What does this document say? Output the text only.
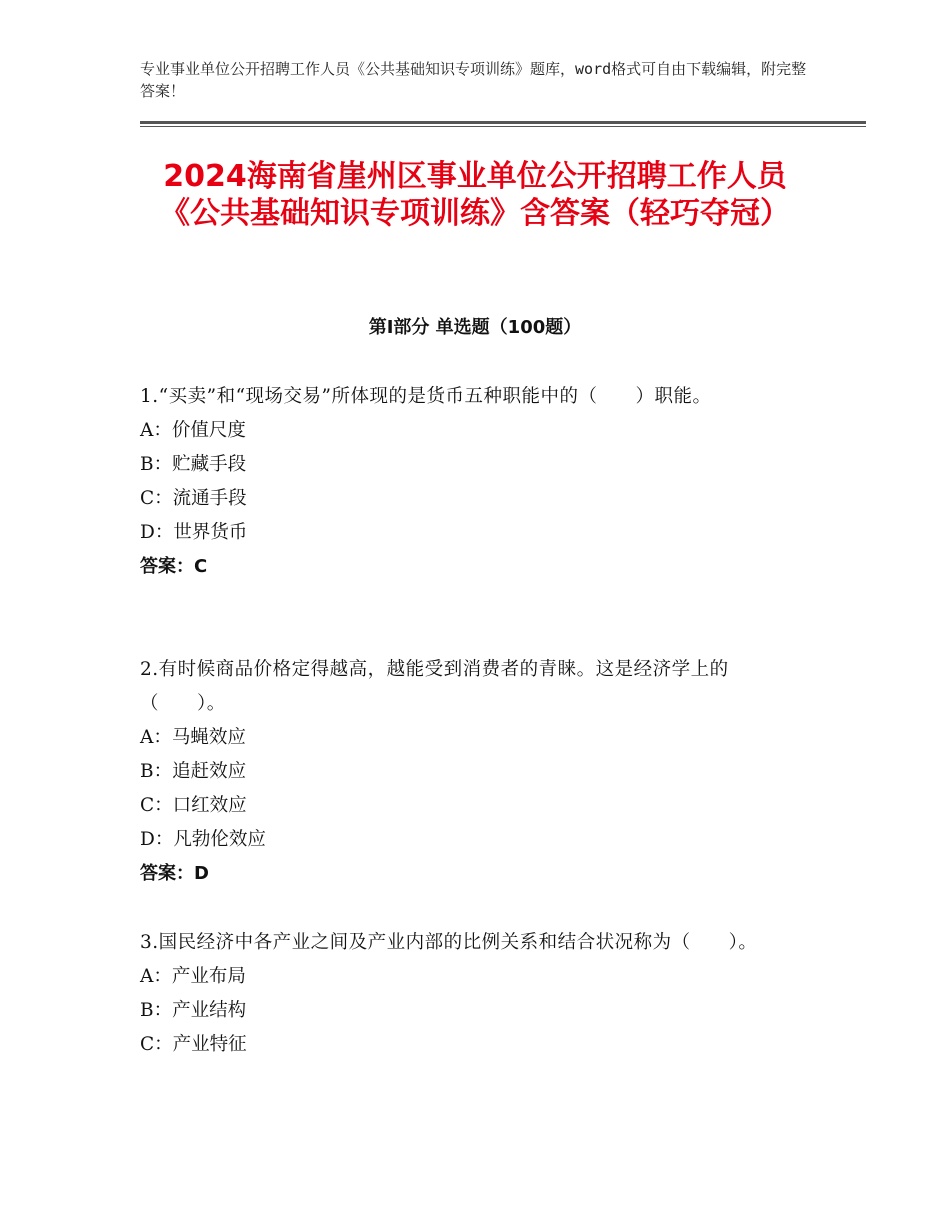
专业事业单位公开招聘工作人员《公共基础知识专项训练》题库，word格式可自由下载编辑，附完整答案！
2024海南省崖州区事业单位公开招聘工作人员《公共基础知识专项训练》含答案（轻巧夺冠）
第Ⅰ部分 单选题（100题）
1.“买卖”和“现场交易”所体现的是货币五种职能中的（　　）职能。
A：价值尺度
B：贮藏手段
C：流通手段
D：世界货币
答案：C
2.有时候商品价格定得越高，越能受到消费者的青睐。这是经济学上的（　　）。
A：马蝇效应
B：追赶效应
C：口红效应
D：凡勃伦效应
答案：D
3.国民经济中各产业之间及产业内部的比例关系和结合状况称为（　　）。
A：产业布局
B：产业结构
C：产业特征
